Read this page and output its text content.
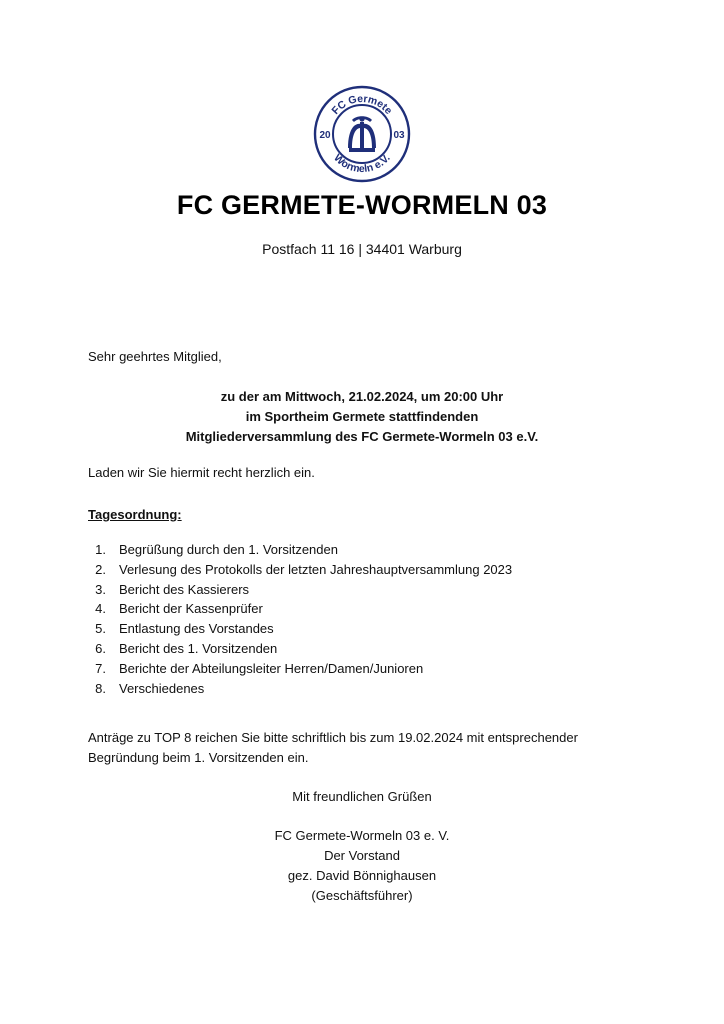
FC Germete
Wormeln e.V.
20	03
FC GERMETE-WORMELN 03
Postfach 11 16 | 34401 Warburg

Sehr geehrtes Mitglied,

zu der am Mittwoch, 21.02.2024, um 20:00 Uhr
im Sportheim Germete stattfindenden
Mitgliederversammlung des FC Germete-Wormeln 03 e.V.

Laden wir Sie hiermit recht herzlich ein.

Tagesordnung:
1.	Begrüßung durch den 1. Vorsitzenden
2.	Verlesung des Protokolls der letzten Jahreshauptversammlung 2023
3.	Bericht des Kassierers
4.	Bericht der Kassenprüfer
5.	Entlastung des Vorstandes
6.	Bericht des 1. Vorsitzenden
7.	Berichte der Abteilungsleiter Herren/Damen/Junioren
8.	Verschiedenes

Anträge zu TOP 8 reichen Sie bitte schriftlich bis zum 19.02.2024 mit entsprechender

Begründung beim 1. Vorsitzenden ein.

Mit freundlichen Grüßen
FC Germete-Wormeln 03 e. V.
Der Vorstand
gez. David Bönnighausen
(Geschäftsführer)
